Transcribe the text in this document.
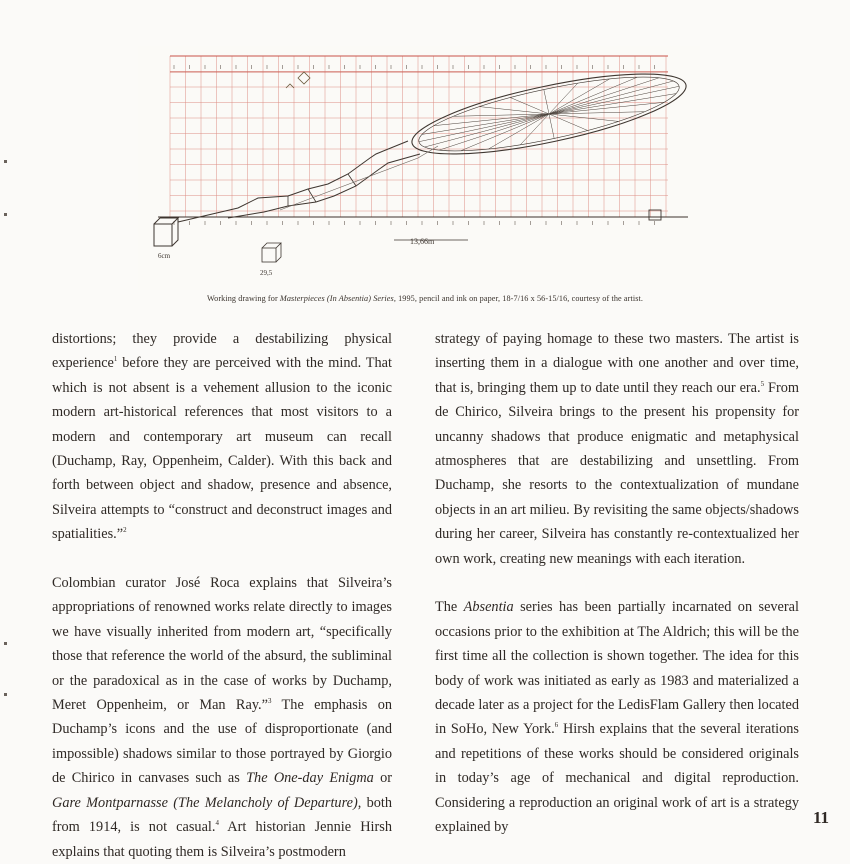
6cm
13,66m
29,5
Working drawing for Masterpieces (In Absentia) Series, 1995, pencil and ink on paper, 18-7/16 x 56-15/16, courtesy of the artist.

distortions; they provide a destabilizing physical experience$^1$ before they are perceived with the mind. That which is not absent is a vehement allusion to the iconic modern art-historical references that most visitors to a modern and contemporary art museum can recall (Duchamp, Ray, Oppenheim, Calder). With this back and forth between object and shadow, presence and absence, Silveira attempts to “construct and deconstruct images and spatialities.”$^2$

Colombian curator José Roca explains that Silveira’s appropriations of renowned works relate directly to images we have visually inherited from modern art, “specifically those that reference the world of the absurd, the subliminal or the paradoxical as in the case of works by Duchamp, Meret Oppenheim, or Man Ray.”$^3$ The emphasis on Duchamp’s icons and the use of disproportionate (and impossible) shadows similar to those portrayed by Giorgio de Chirico in canvases such as The One-day Enigma or Gare Montparnasse (The Melancholy of Departure), both from 1914, is not casual.$^4$ Art historian Jennie Hirsh explains that quoting them is Silveira’s postmodern

strategy of paying homage to these two masters. The artist is inserting them in a dialogue with one another and over time, that is, bringing them up to date until they reach our era.$^5$ From de Chirico, Silveira brings to the present his propensity for uncanny shadows that produce enigmatic and metaphysical atmospheres that are destabilizing and unsettling. From Duchamp, she resorts to the contextualization of mundane objects in an art milieu. By revisiting the same objects/shadows during her career, Silveira has constantly re-contextualized her own work, creating new meanings with each iteration.

The Absentia series has been partially incarnated on several occasions prior to the exhibition at The Aldrich; this will be the first time all the collection is shown together. The idea for this body of work was initiated as early as 1983 and materialized a decade later as a project for the LedisFlam Gallery then located in SoHo, New York.$^6$ Hirsh explains that the several iterations and repetitions of these works should be considered originals in today’s age of mechanical and digital reproduction. Considering a reproduction an original work of art is a strategy explained by

11
